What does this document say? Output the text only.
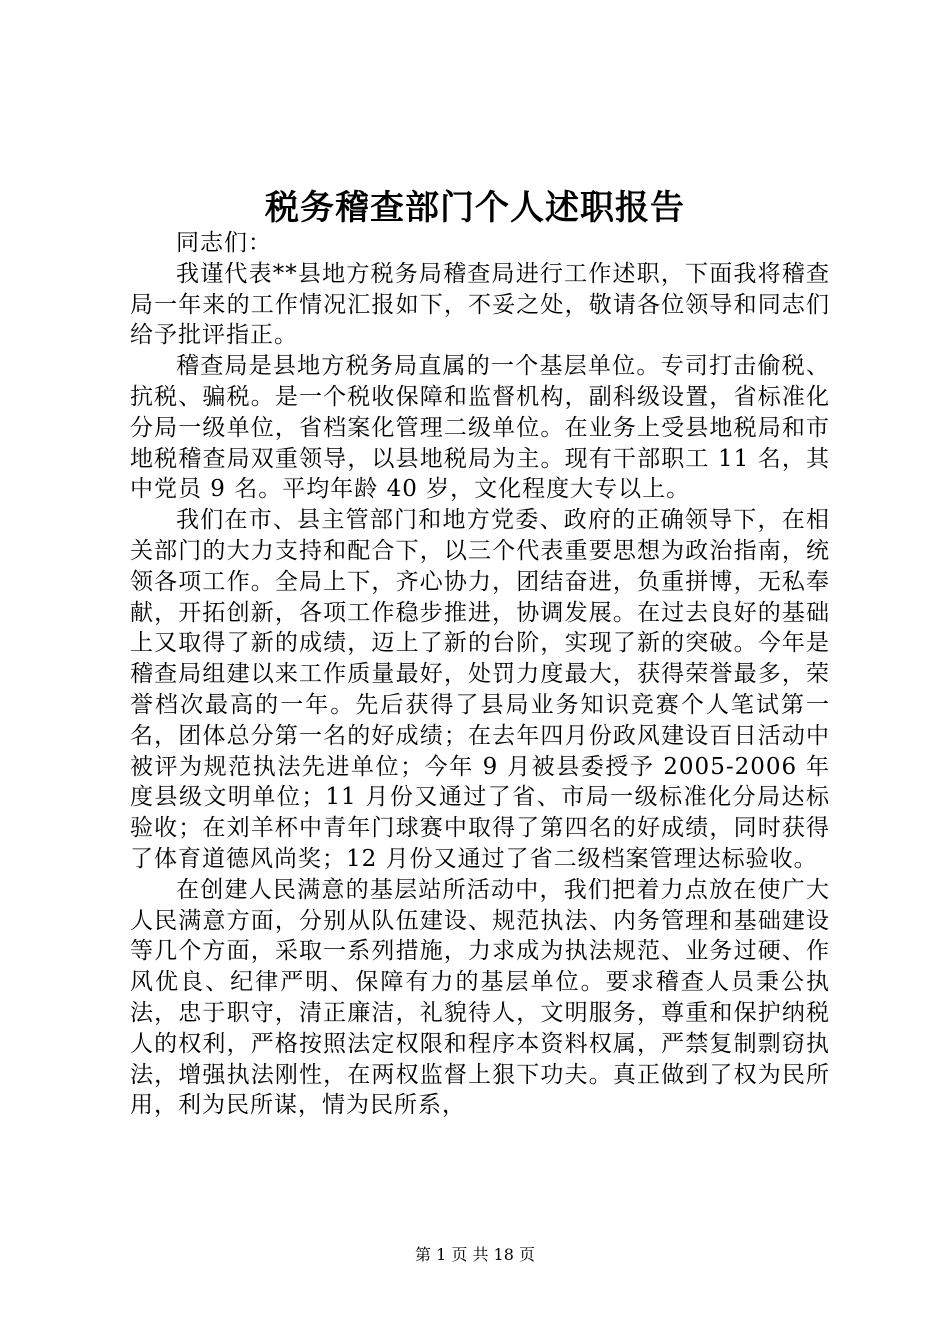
税务稽查部门个人述职报告

同志们：

我谨代表**县地方税务局稽查局进行工作述职，下面我将稽查局一年来的工作情况汇报如下，不妥之处，敬请各位领导和同志们给予批评指正。

稽查局是县地方税务局直属的一个基层单位。专司打击偷税、抗税、骗税。是一个税收保障和监督机构，副科级设置，省标准化分局一级单位，省档案化管理二级单位。在业务上受县地税局和市地税稽查局双重领导，以县地税局为主。现有干部职工 11 名，其中党员 9 名。平均年龄 40 岁，文化程度大专以上。

我们在市、县主管部门和地方党委、政府的正确领导下，在相关部门的大力支持和配合下，以三个代表重要思想为政治指南，统领各项工作。全局上下，齐心协力，团结奋进，负重拼博，无私奉献，开拓创新，各项工作稳步推进，协调发展。在过去良好的基础上又取得了新的成绩，迈上了新的台阶，实现了新的突破。今年是稽查局组建以来工作质量最好，处罚力度最大，获得荣誉最多，荣誉档次最高的一年。先后获得了县局业务知识竞赛个人笔试第一名，团体总分第一名的好成绩；在去年四月份政风建设百日活动中被评为规范执法先进单位；今年 9 月被县委授予 2005-2006 年度县级文明单位；11 月份又通过了省、市局一级标准化分局达标验收；在刘羊杯中青年门球赛中取得了第四名的好成绩，同时获得了体育道德风尚奖；12 月份又通过了省二级档案管理达标验收。

在创建人民满意的基层站所活动中，我们把着力点放在使广大人民满意方面，分别从队伍建设、规范执法、内务管理和基础建设等几个方面，采取一系列措施，力求成为执法规范、业务过硬、作风优良、纪律严明、保障有力的基层单位。要求稽查人员秉公执法，忠于职守，清正廉洁，礼貌待人，文明服务，尊重和保护纳税人的权利，严格按照法定权限和程序本资料权属，严禁复制剽窃执法，增强执法刚性，在两权监督上狠下功夫。真正做到了权为民所用，利为民所谋，情为民所系，

第 1 页 共 18 页
